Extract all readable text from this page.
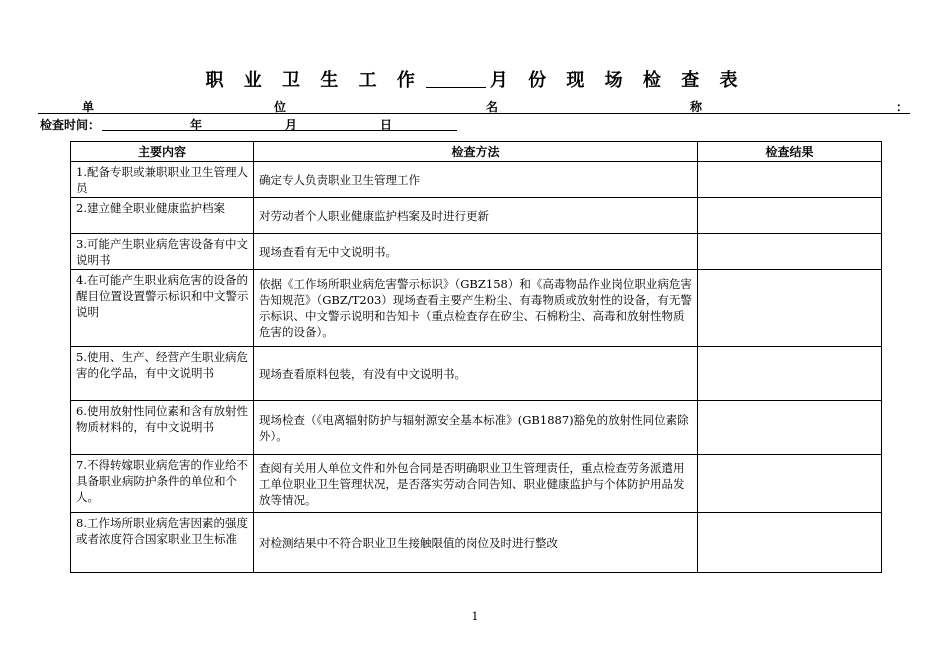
职 业 卫 生 工 作	月 份 现 场 检 查 表
单	位	名	称	：
检查时间：	年	月	日
主要内容	检查方法	检查结果
1.配备专职或兼职职业卫生管理人员	确定专人负责职业卫生管理工作	
2.建立健全职业健康监护档案	对劳动者个人职业健康监护档案及时进行更新	
3.可能产生职业病危害设备有中文说明书	现场查看有无中文说明书。	
4.在可能产生职业病危害的设备的醒目位置设置警示标识和中文警示说明	依据《工作场所职业病危害警示标识》（GBZ158）和《高毒物品作业岗位职业病危害告知规范》（GBZ/T203）现场查看主要产生粉尘、有毒物质或放射性的设备，有无警示标识、中文警示说明和告知卡（重点检查存在矽尘、石棉粉尘、高毒和放射性物质危害的设备）。	
5.使用、生产、经营产生职业病危害的化学品，有中文说明书	现场查看原料包装，有没有中文说明书。	
6.使用放射性同位素和含有放射性物质材料的，有中文说明书	现场检查（《电离辐射防护与辐射源安全基本标准》(GB1887)豁免的放射性同位素除外）。	
7.不得转嫁职业病危害的作业给不具备职业病防护条件的单位和个人。	查阅有关用人单位文件和外包合同是否明确职业卫生管理责任，重点检查劳务派遣用工单位职业卫生管理状况，是否落实劳动合同告知、职业健康监护与个体防护用品发放等情况。	
8.工作场所职业病危害因素的强度或者浓度符合国家职业卫生标准	对检测结果中不符合职业卫生接触限值的岗位及时进行整改	
1
